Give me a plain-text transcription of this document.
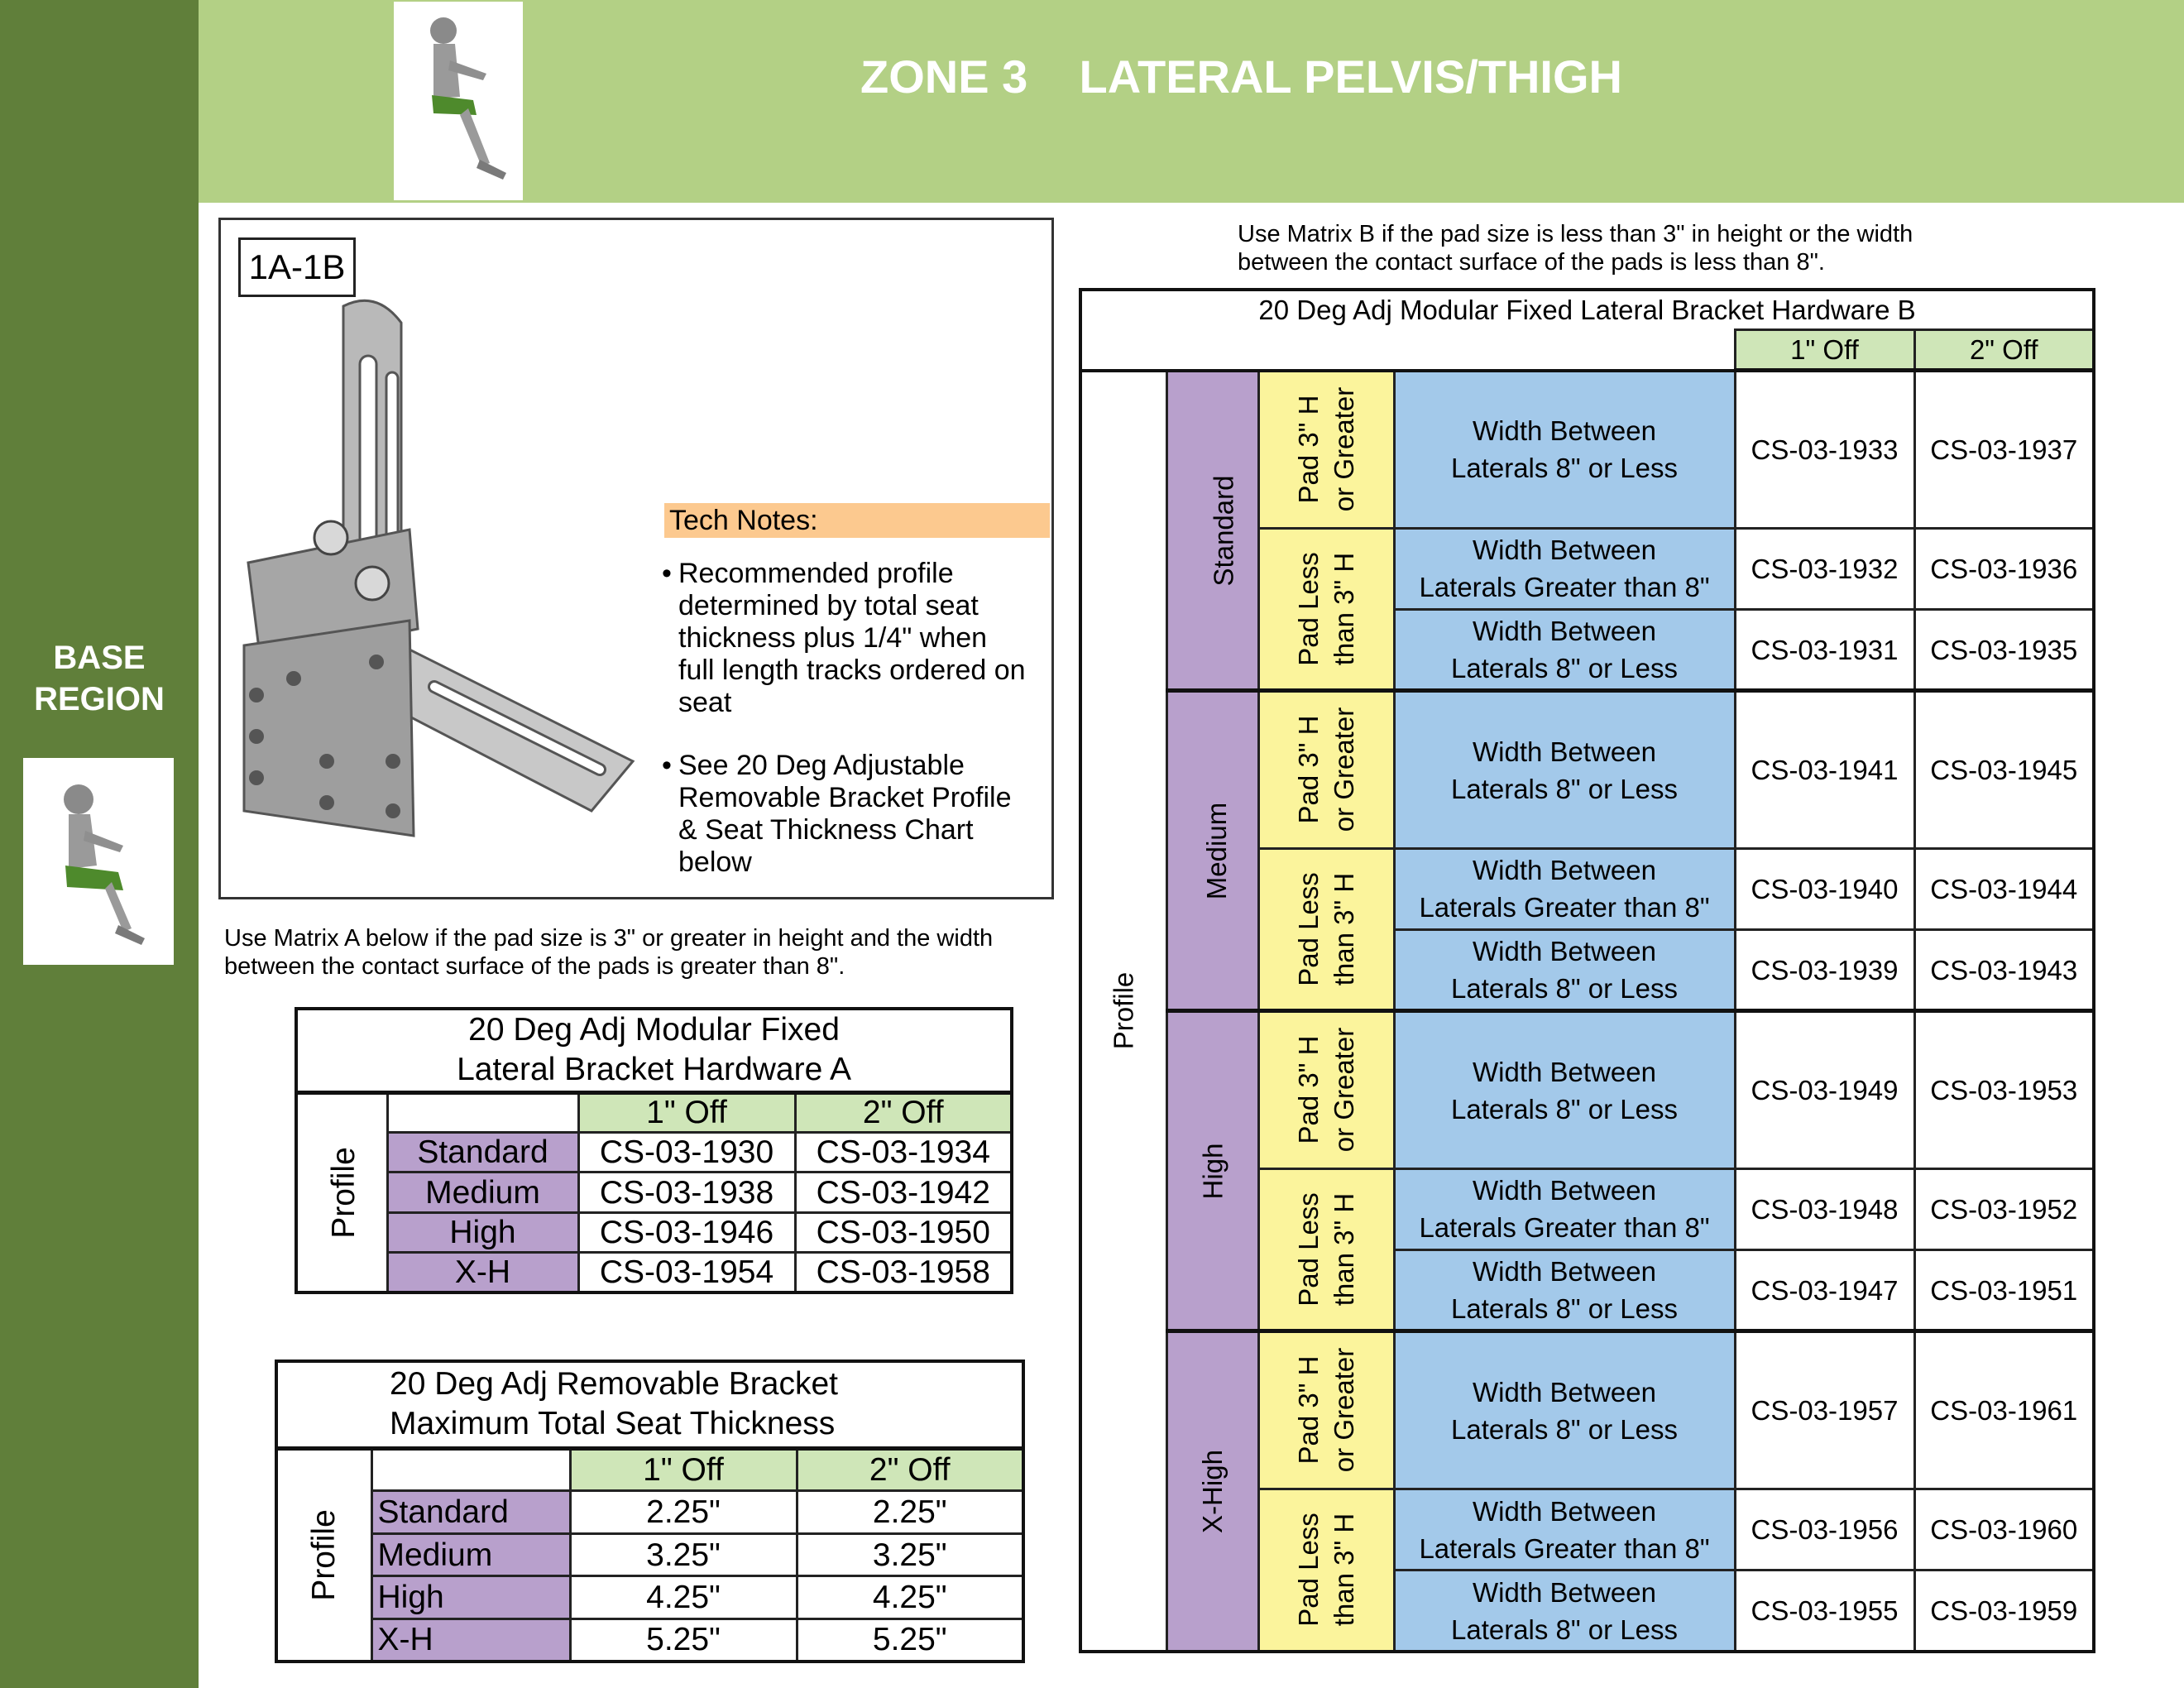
BASE
REGION
ZONE 3    LATERAL PELVIS/THIGH
1A-1B
Tech Notes:
• Recommended profile determined by total seat thickness plus 1/4" when full length tracks ordered on seat
• See 20 Deg Adjustable Removable Bracket Profile & Seat Thickness Chart below
Use Matrix A below if the pad size is 3" or greater in height and the width between the contact surface of the pads is greater than 8".
Use Matrix B if the pad size is less than 3" in height or the width between the contact surface of the pads is less than 8".
20 Deg Adj Modular Fixed
Lateral Bracket Hardware A			

Profile		1" Off	2" Off
	Standard	CS-03-1930	CS-03-1934
	Medium	CS-03-1938	CS-03-1942
	High	CS-03-1946	CS-03-1950
	X-H	CS-03-1954	CS-03-1958
20 Deg Adj Removable Bracket
Maximum Total Seat Thickness			

Profile		1" Off	2" Off
	Standard	2.25"	2.25"
	Medium	3.25"	3.25"
	High	4.25"	4.25"
	X-H	5.25"	5.25"
20 Deg Adj Modular Fixed Lateral Bracket Hardware B					
				1" Off	2" Off
Profile	Standard	Pad 3" H or Greater	Width Between
Laterals 8" or Less	CS-03-1933	CS-03-1937

		Pad Less than 3" H	Width Between
Laterals Greater than 8"	CS-03-1932	CS-03-1936

			Width Between
Laterals 8" or Less	CS-03-1931	CS-03-1935
	Medium	Pad 3" H or Greater	Width Between
Laterals 8" or Less	CS-03-1941	CS-03-1945

		Pad Less than 3" H	Width Between
Laterals Greater than 8"	CS-03-1940	CS-03-1944

			Width Between
Laterals 8" or Less	CS-03-1939	CS-03-1943
	High	Pad 3" H or Greater	Width Between
Laterals 8" or Less	CS-03-1949	CS-03-1953

		Pad Less than 3" H	Width Between
Laterals Greater than 8"	CS-03-1948	CS-03-1952

			Width Between
Laterals 8" or Less	CS-03-1947	CS-03-1951
	X-High	Pad 3" H or Greater	Width Between
Laterals 8" or Less	CS-03-1957	CS-03-1961

		Pad Less than 3" H	Width Between
Laterals Greater than 8"	CS-03-1956	CS-03-1960

			Width Between
Laterals 8" or Less	CS-03-1955	CS-03-1959
